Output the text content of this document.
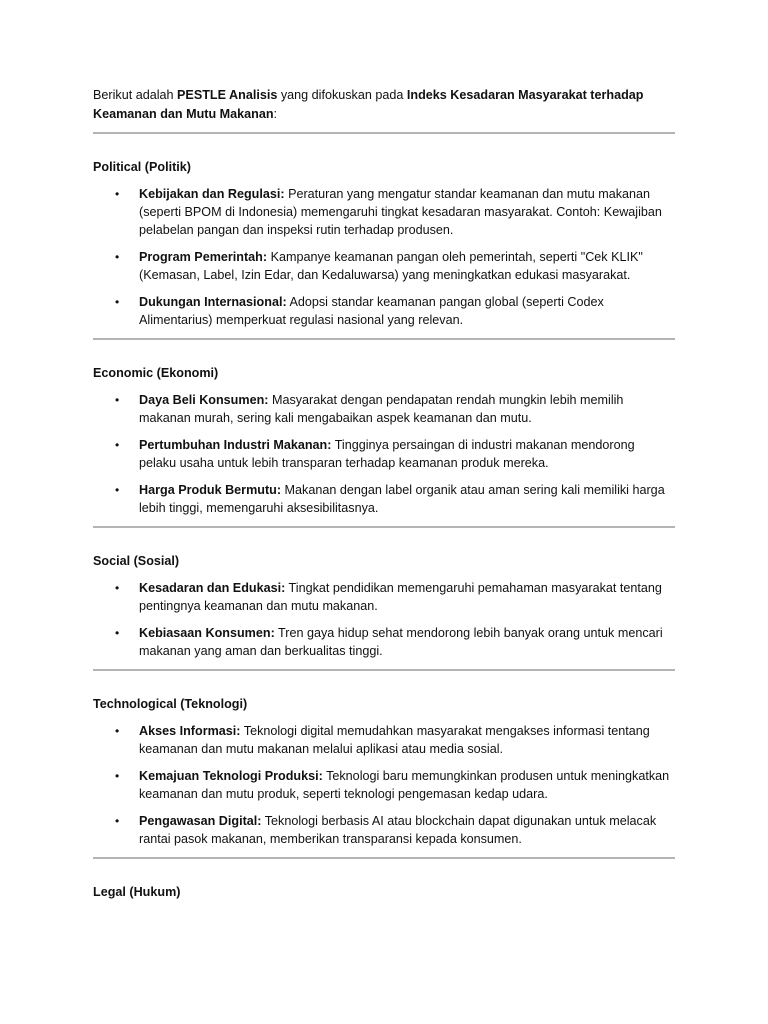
Berikut adalah PESTLE Analisis yang difokuskan pada Indeks Kesadaran Masyarakat terhadap Keamanan dan Mutu Makanan:

Political (Politik)

• Kebijakan dan Regulasi: Peraturan yang mengatur standar keamanan dan mutu makanan (seperti BPOM di Indonesia) memengaruhi tingkat kesadaran masyarakat. Contoh: Kewajiban pelabelan pangan dan inspeksi rutin terhadap produsen.
• Program Pemerintah: Kampanye keamanan pangan oleh pemerintah, seperti "Cek KLIK" (Kemasan, Label, Izin Edar, dan Kedaluwarsa) yang meningkatkan edukasi masyarakat.
• Dukungan Internasional: Adopsi standar keamanan pangan global (seperti Codex Alimentarius) memperkuat regulasi nasional yang relevan.

Economic (Ekonomi)

• Daya Beli Konsumen: Masyarakat dengan pendapatan rendah mungkin lebih memilih makanan murah, sering kali mengabaikan aspek keamanan dan mutu.
• Pertumbuhan Industri Makanan: Tingginya persaingan di industri makanan mendorong pelaku usaha untuk lebih transparan terhadap keamanan produk mereka.
• Harga Produk Bermutu: Makanan dengan label organik atau aman sering kali memiliki harga lebih tinggi, memengaruhi aksesibilitasnya.

Social (Sosial)

• Kesadaran dan Edukasi: Tingkat pendidikan memengaruhi pemahaman masyarakat tentang pentingnya keamanan dan mutu makanan.
• Kebiasaan Konsumen: Tren gaya hidup sehat mendorong lebih banyak orang untuk mencari makanan yang aman dan berkualitas tinggi.

Technological (Teknologi)

• Akses Informasi: Teknologi digital memudahkan masyarakat mengakses informasi tentang keamanan dan mutu makanan melalui aplikasi atau media sosial.
• Kemajuan Teknologi Produksi: Teknologi baru memungkinkan produsen untuk meningkatkan keamanan dan mutu produk, seperti teknologi pengemasan kedap udara.
• Pengawasan Digital: Teknologi berbasis AI atau blockchain dapat digunakan untuk melacak rantai pasok makanan, memberikan transparansi kepada konsumen.

Legal (Hukum)
